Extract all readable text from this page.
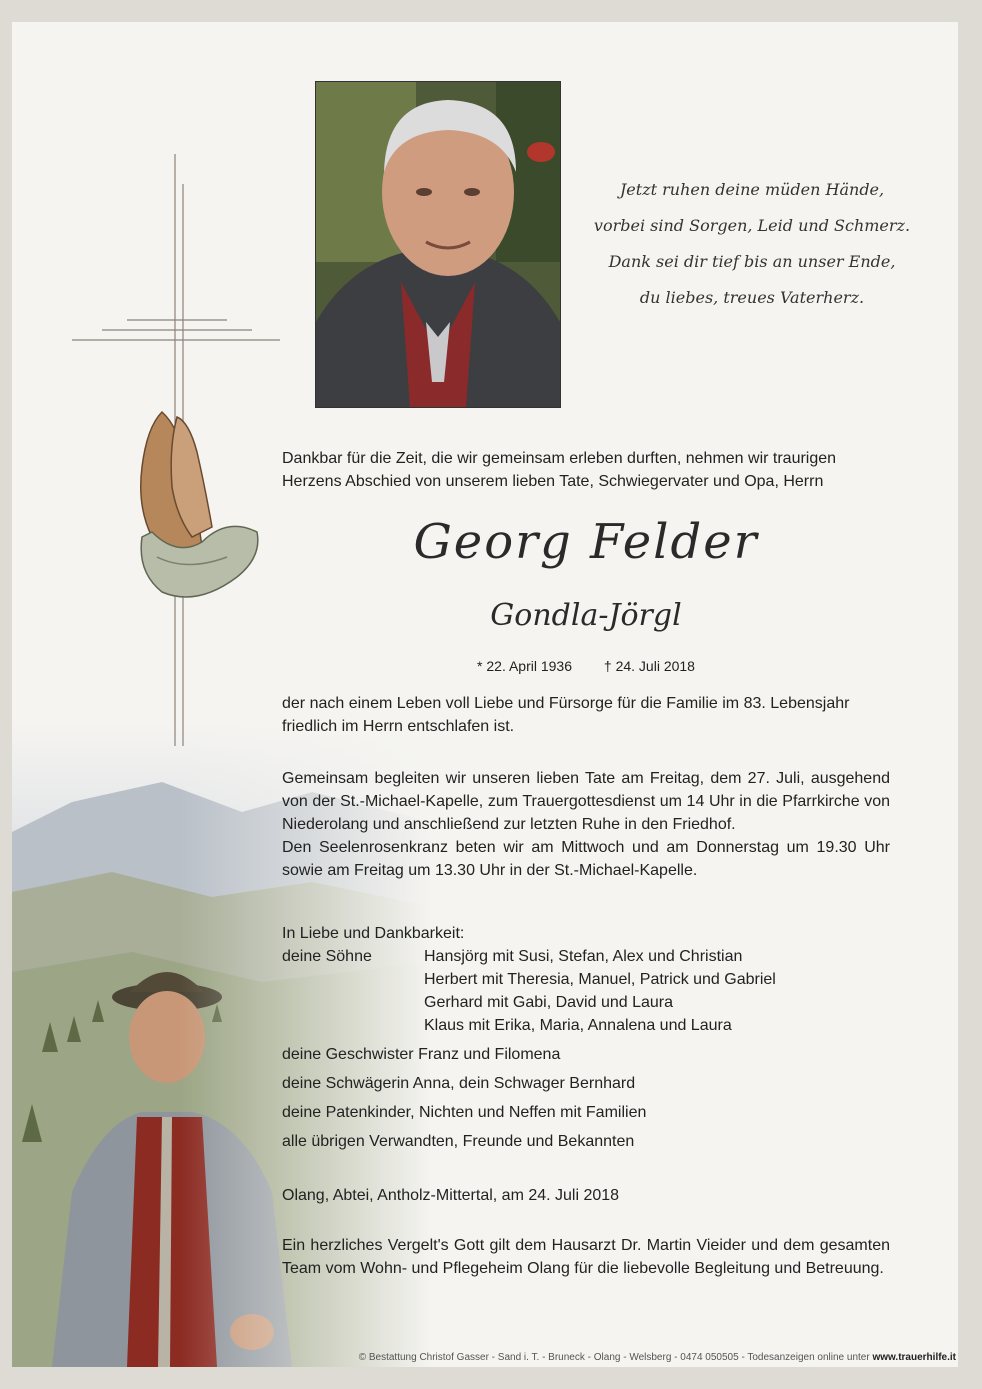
Jetzt ruhen deine müden Hände,
vorbei sind Sorgen, Leid und Schmerz.
Dank sei dir tief bis an unser Ende,
du liebes, treues Vaterherz.
Dankbar für die Zeit, die wir gemeinsam erleben durften, nehmen wir traurigen
Herzens Abschied von unserem lieben Tate, Schwiegervater und Opa, Herrn
Georg Felder
Gondla-Jörgl
* 22. April 1936 † 24. Juli 2018
der nach einem Leben voll Liebe und Fürsorge für die Familie im 83. Lebensjahr
friedlich im Herrn entschlafen ist.
Gemeinsam begleiten wir unseren lieben Tate am Freitag, dem 27. Juli, ausgehend von der St.-Michael-Kapelle, zum Trauergottesdienst um 14 Uhr in die Pfarrkirche von Niederolang und anschließend zur letzten Ruhe in den Friedhof.
Den Seelenrosenkranz beten wir am Mittwoch und am Donnerstag um 19.30 Uhr sowie am Freitag um 13.30 Uhr in der St.-Michael-Kapelle.
In Liebe und Dankbarkeit:
deine Söhne	Hansjörg mit Susi, Stefan, Alex und Christian
Herbert mit Theresia, Manuel, Patrick und Gabriel
Gerhard mit Gabi, David und Laura
Klaus mit Erika, Maria, Annalena und Laura
deine Geschwister Franz und Filomena
deine Schwägerin Anna, dein Schwager Bernhard
deine Patenkinder, Nichten und Neffen mit Familien
alle übrigen Verwandten, Freunde und Bekannten
Olang, Abtei, Antholz-Mittertal, am 24. Juli 2018
Ein herzliches Vergelt's Gott gilt dem Hausarzt Dr. Martin Vieider und dem gesamten Team vom Wohn- und Pflegeheim Olang für die liebevolle Begleitung und Betreuung.
© Bestattung Christof Gasser - Sand i. T. - Bruneck - Olang - Welsberg - 0474 050505 - Todesanzeigen online unter www.trauerhilfe.it
